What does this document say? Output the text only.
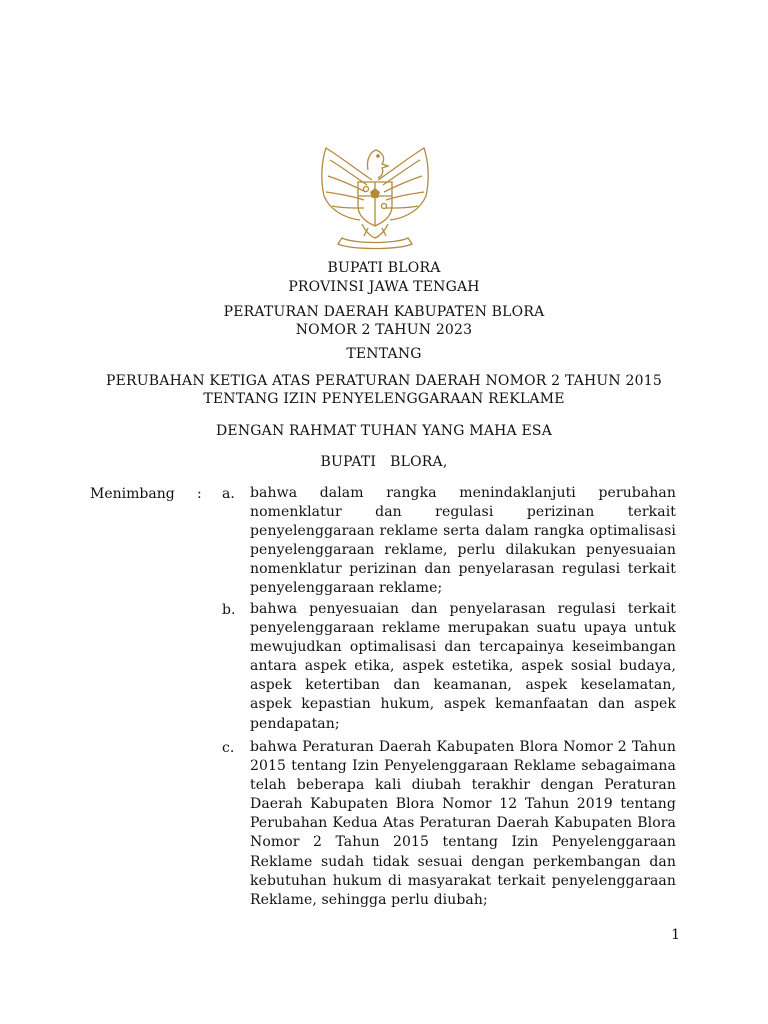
BUPATI BLORA
PROVINSI JAWA TENGAH
PERATURAN DAERAH KABUPATEN BLORA
NOMOR 2 TAHUN 2023
TENTANG
PERUBAHAN KETIGA ATAS PERATURAN DAERAH NOMOR 2 TAHUN 2015
TENTANG IZIN PENYELENGGARAAN REKLAME
DENGAN RAHMAT TUHAN YANG MAHA ESA
BUPATI   BLORA,
Menimbang : a. bahwa dalam rangka menindaklanjuti perubahan nomenklatur dan regulasi perizinan terkait penyelenggaraan reklame serta dalam rangka optimalisasi penyelenggaraan reklame, perlu dilakukan penyesuaian nomenklatur perizinan dan penyelarasan regulasi terkait penyelenggaraan reklame;
b. bahwa penyesuaian dan penyelarasan regulasi terkait penyelenggaraan reklame merupakan suatu upaya untuk mewujudkan optimalisasi dan tercapainya keseimbangan antara aspek etika, aspek estetika, aspek sosial budaya, aspek ketertiban dan keamanan, aspek keselamatan, aspek kepastian hukum, aspek kemanfaatan dan aspek pendapatan;
c. bahwa Peraturan Daerah Kabupaten Blora Nomor 2 Tahun 2015 tentang Izin Penyelenggaraan Reklame sebagaimana telah beberapa kali diubah terakhir dengan Peraturan Daerah Kabupaten Blora Nomor 12 Tahun 2019 tentang Perubahan Kedua Atas Peraturan Daerah Kabupaten Blora Nomor 2 Tahun 2015 tentang Izin Penyelenggaraan Reklame sudah tidak sesuai dengan perkembangan dan kebutuhan hukum di masyarakat terkait penyelenggaraan Reklame, sehingga perlu diubah;
1
